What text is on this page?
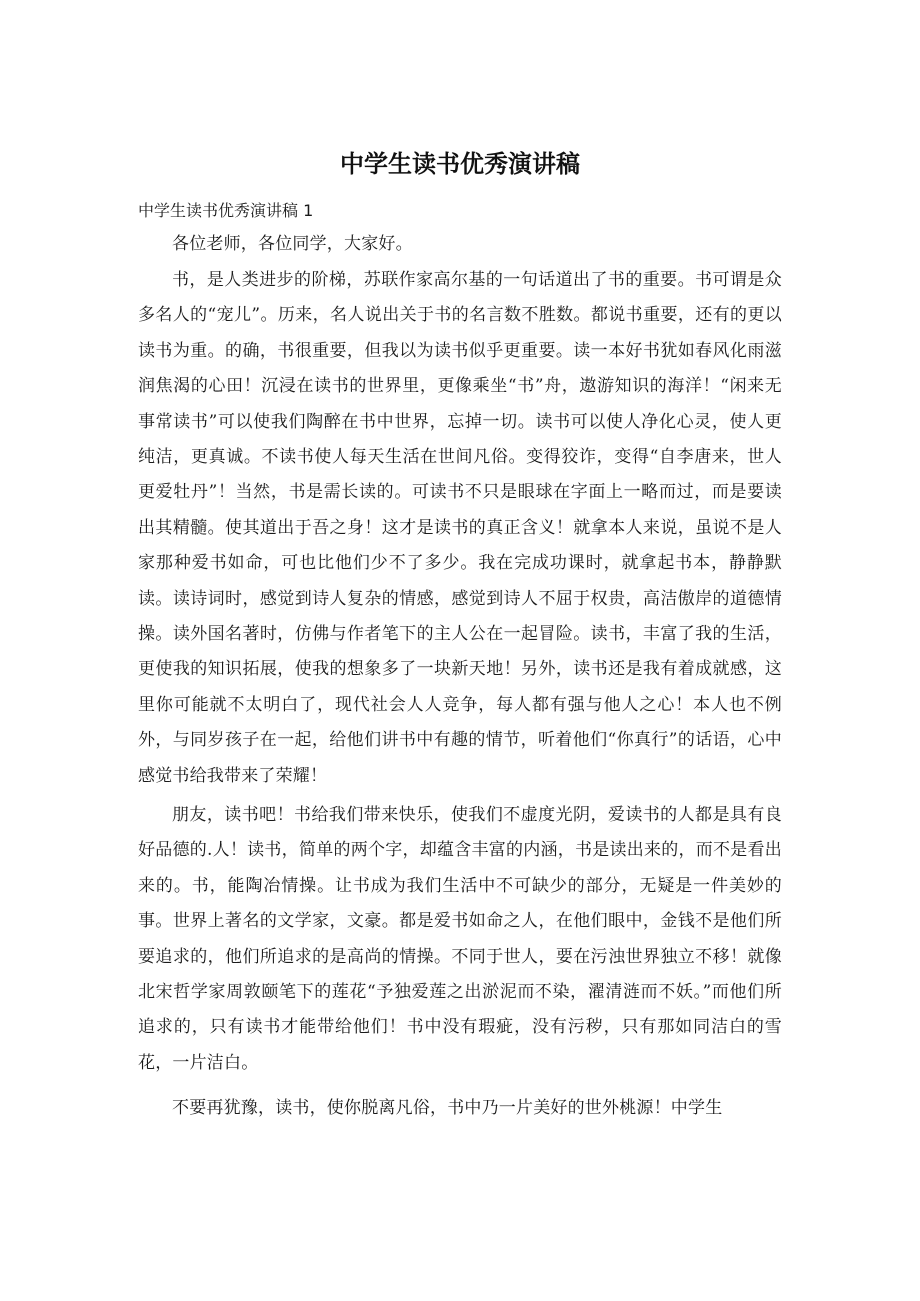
中学生读书优秀演讲稿
中学生读书优秀演讲稿 1

各位老师，各位同学，大家好。

书，是人类进步的阶梯，苏联作家高尔基的一句话道出了书的重要。书可谓是众多名人的“宠儿”。历来，名人说出关于书的名言数不胜数。都说书重要，还有的更以读书为重。的确，书很重要，但我以为读书似乎更重要。读一本好书犹如春风化雨滋润焦渴的心田！沉浸在读书的世界里，更像乘坐“书”舟，遨游知识的海洋！“闲来无事常读书”可以使我们陶醉在书中世界，忘掉一切。读书可以使人净化心灵，使人更纯洁，更真诚。不读书使人每天生活在世间凡俗。变得狡诈，变得“自李唐来，世人更爱牡丹”！当然，书是需长读的。可读书不只是眼球在字面上一略而过，而是要读出其精髓。使其道出于吾之身！这才是读书的真正含义！就拿本人来说，虽说不是人家那种爱书如命，可也比他们少不了多少。我在完成功课时，就拿起书本，静静默读。读诗词时，感觉到诗人复杂的情感，感觉到诗人不屈于权贵，高洁傲岸的道德情操。读外国名著时，仿佛与作者笔下的主人公在一起冒险。读书，丰富了我的生活，更使我的知识拓展，使我的想象多了一块新天地！另外，读书还是我有着成就感，这里你可能就不太明白了，现代社会人人竞争，每人都有强与他人之心！本人也不例外，与同岁孩子在一起，给他们讲书中有趣的情节，听着他们“你真行”的话语，心中感觉书给我带来了荣耀！

朋友，读书吧！书给我们带来快乐，使我们不虚度光阴，爱读书的人都是具有良好品德的.人！读书，简单的两个字，却蕴含丰富的内涵，书是读出来的，而不是看出来的。书，能陶冶情操。让书成为我们生活中不可缺少的部分，无疑是一件美妙的事。世界上著名的文学家，文豪。都是爱书如命之人，在他们眼中，金钱不是他们所要追求的，他们所追求的是高尚的情操。不同于世人，要在污浊世界独立不移！就像北宋哲学家周敦颐笔下的莲花“予独爱莲之出淤泥而不染，濯清涟而不妖。”而他们所追求的，只有读书才能带给他们！书中没有瑕疵，没有污秽，只有那如同洁白的雪花，一片洁白。

不要再犹豫，读书，使你脱离凡俗，书中乃一片美好的世外桃源！中学生
